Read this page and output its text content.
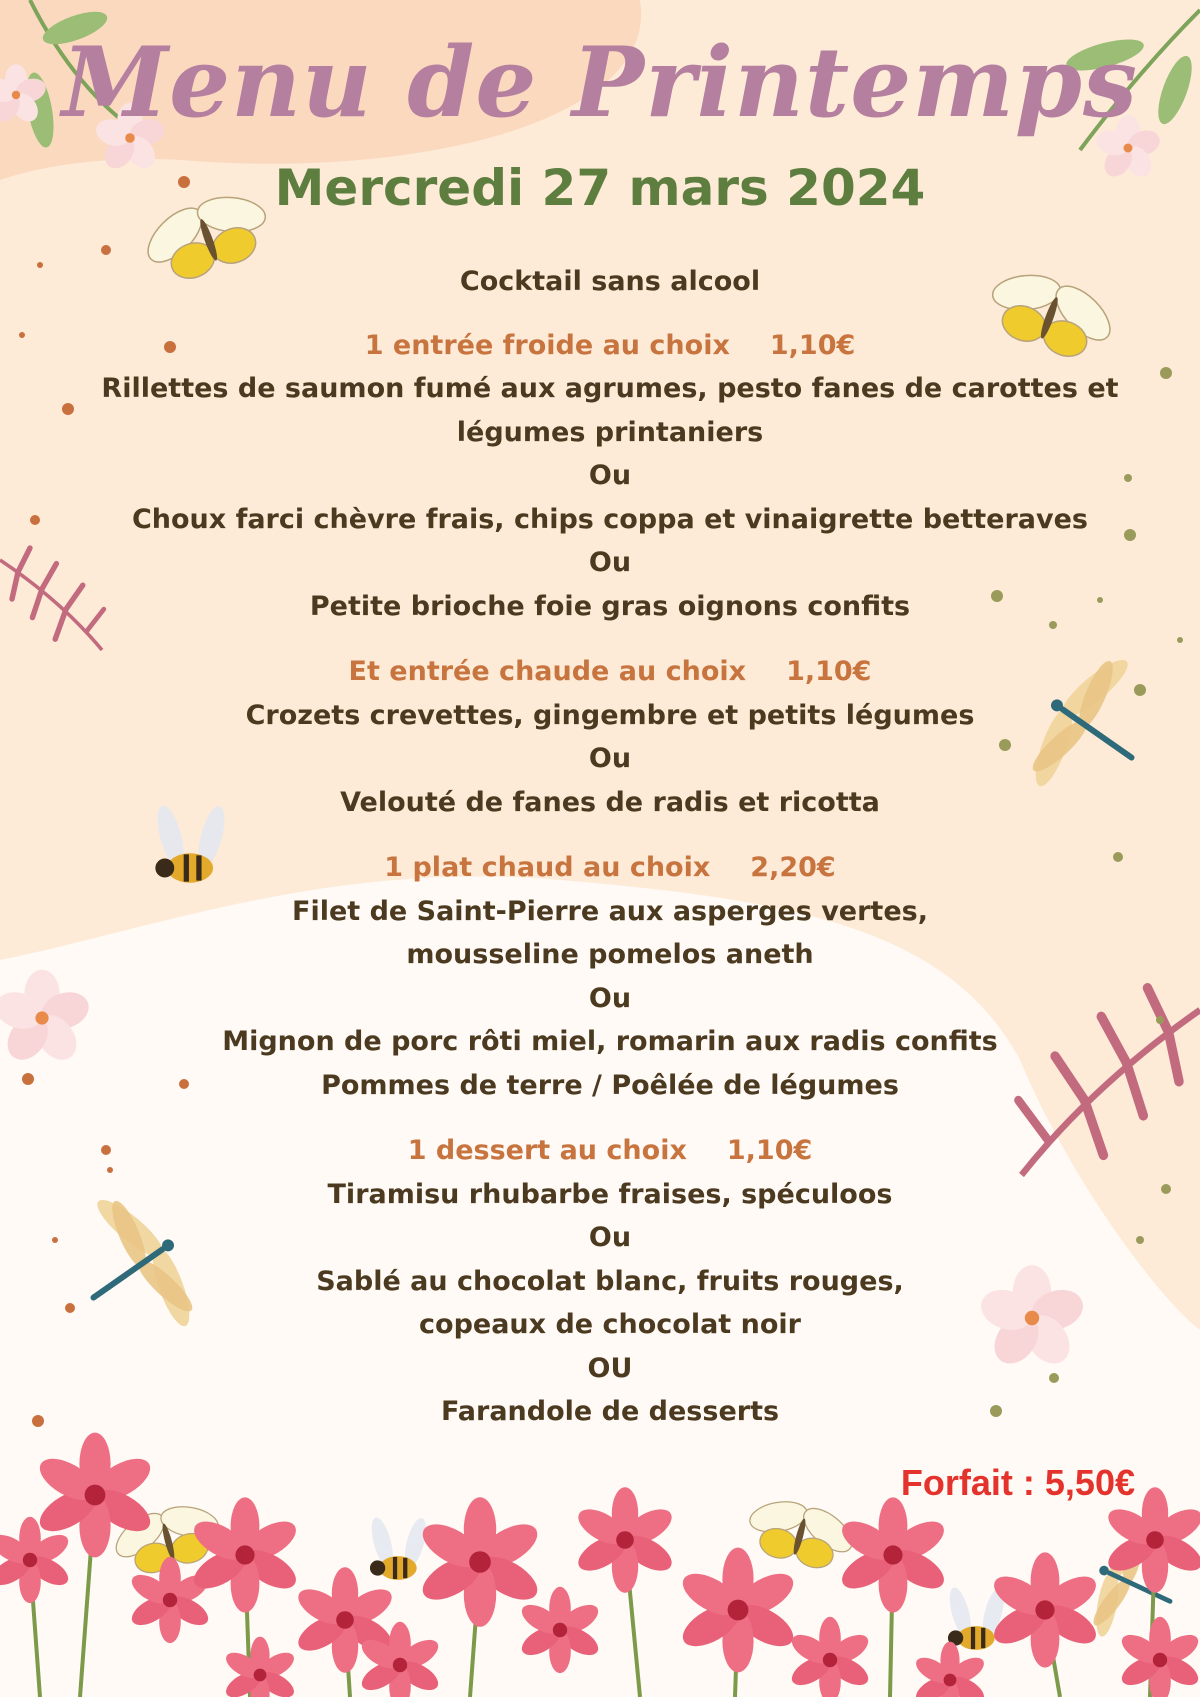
Menu de Printemps
Mercredi 27 mars 2024
Cocktail sans alcool
1 entrée froide au choix 1,10€
Rillettes de saumon fumé aux agrumes, pesto fanes de carottes et
légumes printaniers
Ou
Choux farci chèvre frais, chips coppa et vinaigrette betteraves
Ou
Petite brioche foie gras oignons confits
Et entrée chaude au choix 1,10€
Crozets crevettes, gingembre et petits légumes
Ou
Velouté de fanes de radis et ricotta
1 plat chaud au choix 2,20€
Filet de Saint-Pierre aux asperges vertes,
mousseline pomelos aneth
Ou
Mignon de porc rôti miel, romarin aux radis confits
Pommes de terre / Poêlée de légumes
1 dessert au choix 1,10€
Tiramisu rhubarbe fraises, spéculoos
Ou
Sablé au chocolat blanc, fruits rouges,
copeaux de chocolat noir
OU
Farandole de desserts
Forfait : 5,50€
